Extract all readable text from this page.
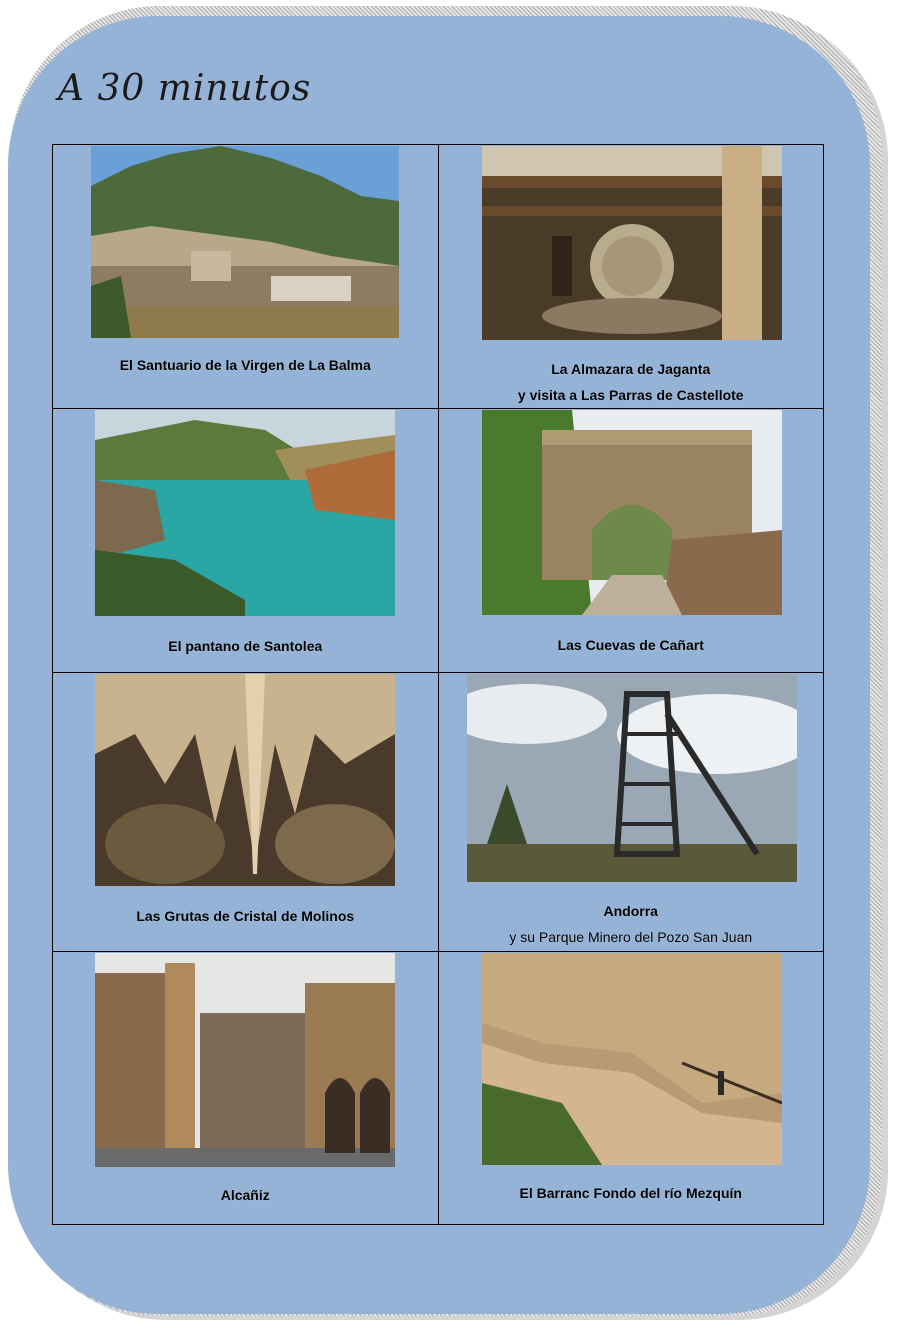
A 30 minutos
El Santuario de la Virgen de La Balma	La Almazara de Jaganta
y visita a Las Parras de Castellote

El pantano de Santolea	Las Cuevas de Cañart

Las Grutas de Cristal de Molinos	Andorra
y su Parque Minero del Pozo San Juan

Alcañiz	El Barranc Fondo del río Mezquín
